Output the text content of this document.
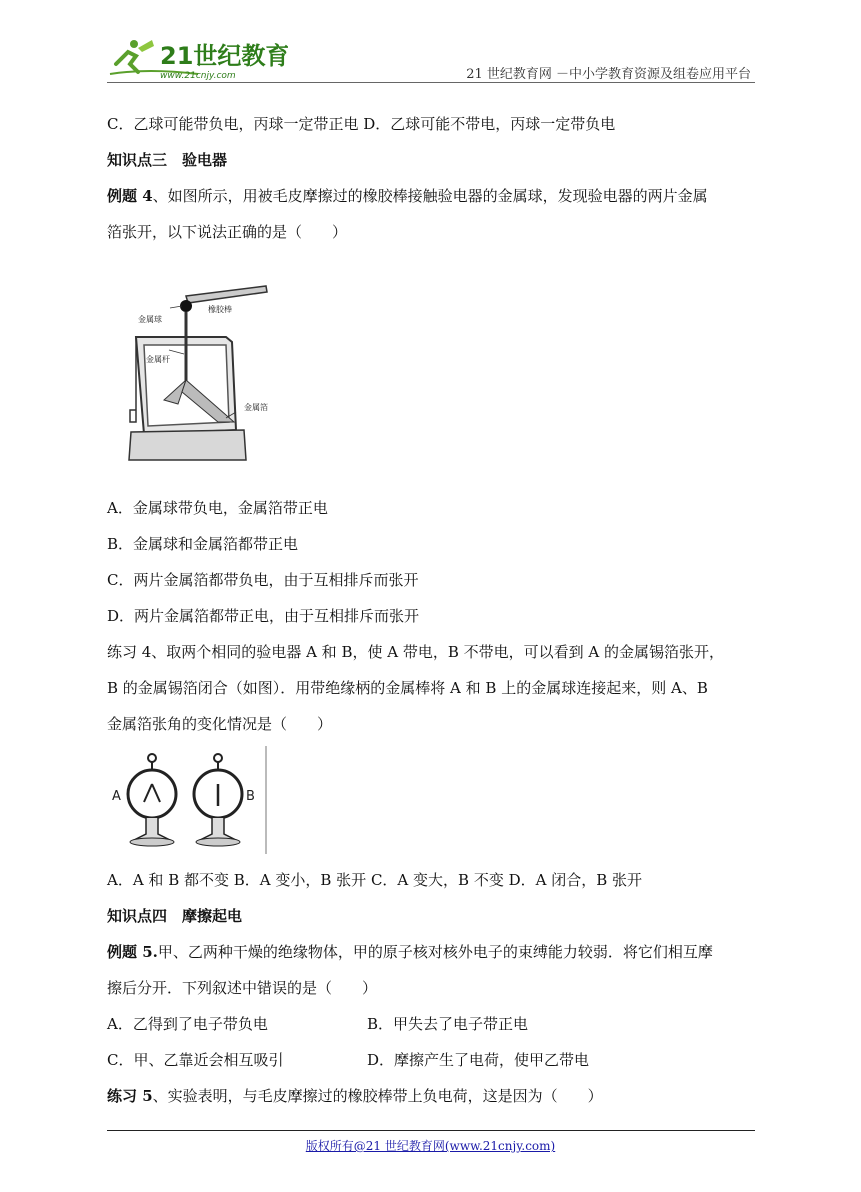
21世纪教育
www.21cnjy.com	21 世纪教育网 －中小学教育资源及组卷应用平台
C．乙球可能带负电，丙球一定带正电 D．乙球可能不带电，丙球一定带负电
知识点三　验电器
例题 4、如图所示，用被毛皮摩擦过的橡胶棒接触验电器的金属球，发现验电器的两片金属
箔张开，以下说法正确的是（　　）
金属球
橡胶棒
金属杆
金属箔
A．金属球带负电，金属箔带正电
B．金属球和金属箔都带正电
C．两片金属箔都带负电，由于互相排斥而张开
D．两片金属箔都带正电，由于互相排斥而张开
练习 4、取两个相同的验电器 A 和 B，使 A 带电，B 不带电，可以看到 A 的金属锡箔张开，
B 的金属锡箔闭合（如图）．用带绝缘柄的金属棒将 A 和 B 上的金属球连接起来，则 A、B
金属箔张角的变化情况是（　　）
A	B
A．A 和 B 都不变 B．A 变小，B 张开 C．A 变大，B 不变 D．A 闭合，B 张开
知识点四　摩擦起电
例题 5.甲、乙两种干燥的绝缘物体，甲的原子核对核外电子的束缚能力较弱．将它们相互摩
擦后分开．下列叙述中错误的是（　　）
A．乙得到了电子带负电	B．甲失去了电子带正电
C．甲、乙靠近会相互吸引	D．摩擦产生了电荷，使甲乙带电
练习 5、实验表明，与毛皮摩擦过的橡胶棒带上负电荷，这是因为（　　）
版权所有@21 世纪教育网(www.21cnjy.com)
